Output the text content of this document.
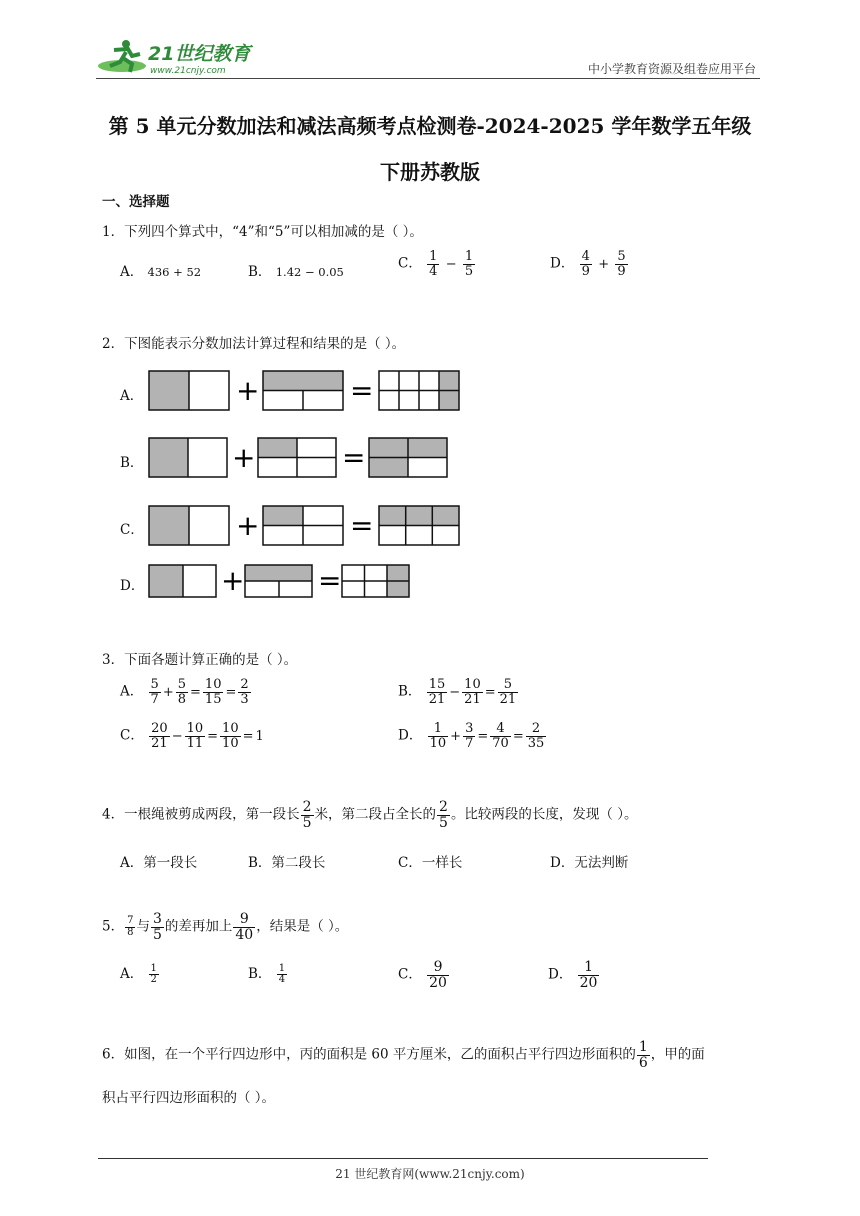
21世纪教育
www.21cnjy.com	中小学教育资源及组卷应用平台
第 5 单元分数加法和减法高频考点检测卷-2024-2025 学年数学五年级
下册苏教版
一、选择题
1．下列四个算式中，“4”和“5”可以相加减的是（ ）。
A． 436 + 52	B． 1.42 − 0.05
C． $\frac{1}{4} - \frac{1}{5}$	D． $\frac{4}{9} + \frac{5}{9}$
2．下图能表示分数加法计算过程和结果的是（ ）。
A．	+	=
B．	+	=
C．	+	=
D．	+	=
3．下面各题计算正确的是（ ）。
A． $\frac{5}{7} + \frac{5}{8} = \frac{10}{15} = \frac{2}{3}$	B． $\frac{15}{21} - \frac{10}{21} = \frac{5}{21}$
C． $\frac{20}{21} - \frac{10}{11} = \frac{10}{10} = 1$	D． $\frac{1}{10} + \frac{3}{7} = \frac{4}{70} = \frac{2}{35}$
4．一根绳被剪成两段，第一段长 $\frac{2}{5}$ 米，第二段占全长的 $\frac{2}{5}$ 。比较两段的长度，发现（ ）。
A．第一段长	B．第二段长	C．一样长	D．无法判断
5． $\frac{7}{8}$ 与 $\frac{3}{5}$ 的差再加上 $\frac{9}{40}$ ，结果是（ ）。
A． $\frac{1}{2}$	B． $\frac{1}{4}$	C． $\frac{9}{20}$	D． $\frac{1}{20}$
6．如图，在一个平行四边形中，丙的面积是 60 平方厘米，乙的面积占平行四边形面积的 $\frac{1}{6}$ ，甲的面
积占平行四边形面积的（ ）。
21 世纪教育网(www.21cnjy.com)
